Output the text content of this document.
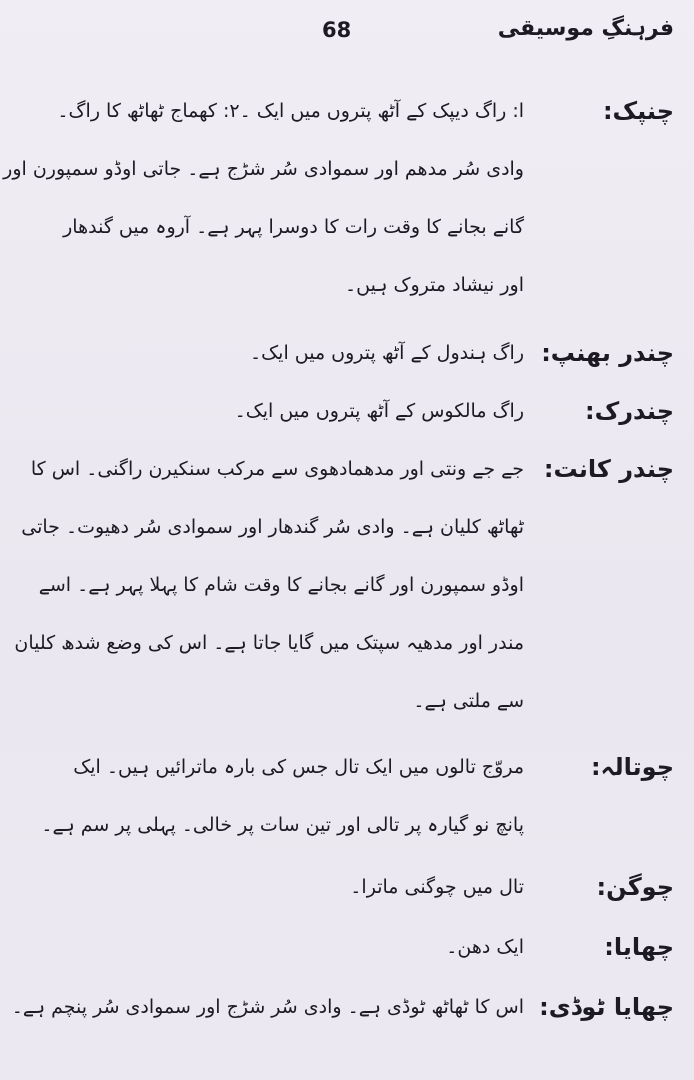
68	فرہنگِ موسیقی
چنپک:
ا: راگ دیپک کے آٹھ پتروں میں ایک ۔۲: کھماج ٹھاٹھ کا راگ۔
وادی سُر مدھم اور سموادی سُر شڑج ہے۔ جاتی اوڈو سمپورن اور
گانے بجانے کا وقت رات کا دوسرا پہر ہے۔ آروہ میں گندھار
اور نیشاد متروک ہیں۔
چندر بھنپ:
راگ ہندول کے آٹھ پتروں میں ایک۔
چندرک:
راگ مالکوس کے آٹھ پتروں میں ایک۔
چندر کانت:
جے جے ونتی اور مدھمادھوی سے مرکب سنکیرن راگنی۔ اس کا
ٹھاٹھ کلیان ہے۔ وادی سُر گندھار اور سموادی سُر دھیوت۔ جاتی
اوڈو سمپورن اور گانے بجانے کا وقت شام کا پہلا پہر ہے۔ اسے
مندر اور مدھیہ سپتک میں گایا جاتا ہے۔ اس کی وضع شدھ کلیان
سے ملتی ہے۔
چوتالہ:
مروّج تالوں میں ایک تال جس کی بارہ ماترائیں ہیں۔ ایک
پانچ نو گیارہ پر تالی اور تین سات پر خالی۔ پہلی پر سم ہے۔
چوگن:
تال میں چوگنی ماترا۔
چھایا:
ایک دھن۔
چھایا ٹوڈی:
اس کا ٹھاٹھ ٹوڈی ہے۔ وادی سُر شڑج اور سموادی سُر پنچم ہے۔
